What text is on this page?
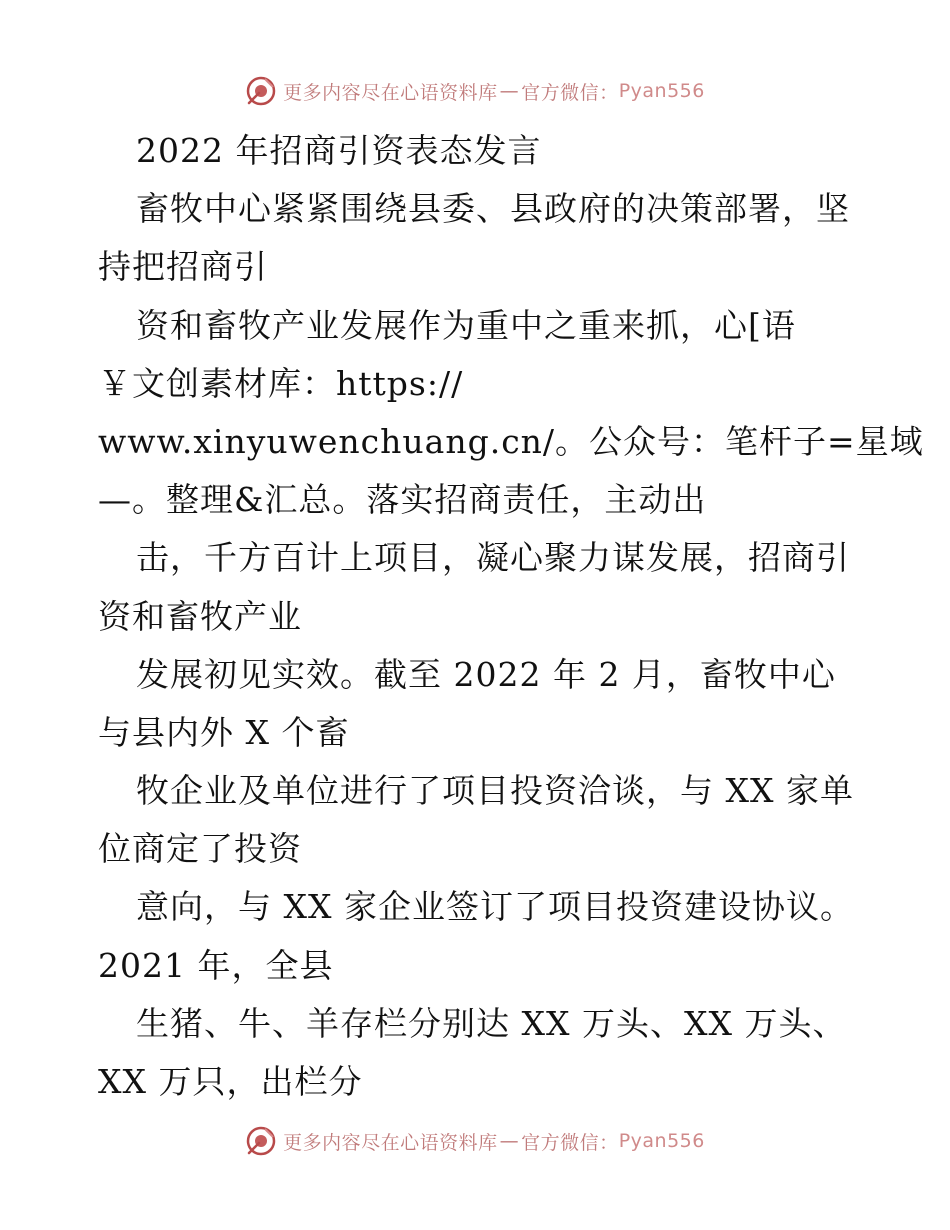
更多内容尽在心语资料库 — 官方微信： Pyan556
2022 年招商引资表态发言
畜牧中心紧紧围绕县委、县政府的决策部署，坚
持把招商引
资和畜牧产业发展作为重中之重来抓，心[语
￥文创素材库：https://
www.xinyuwenchuang.cn/。公众号：笔杆子=星域
—。整理&汇总。落实招商责任，主动出
击，千方百计上项目，凝心聚力谋发展，招商引
资和畜牧产业
发展初见实效。截至 2022 年 2 月，畜牧中心
与县内外 X 个畜
牧企业及单位进行了项目投资洽谈，与 XX 家单
位商定了投资
意向，与 XX 家企业签订了项目投资建设协议。
2021 年，全县
生猪、牛、羊存栏分别达 XX 万头、XX 万头、
XX 万只，出栏分
更多内容尽在心语资料库 — 官方微信： Pyan556
